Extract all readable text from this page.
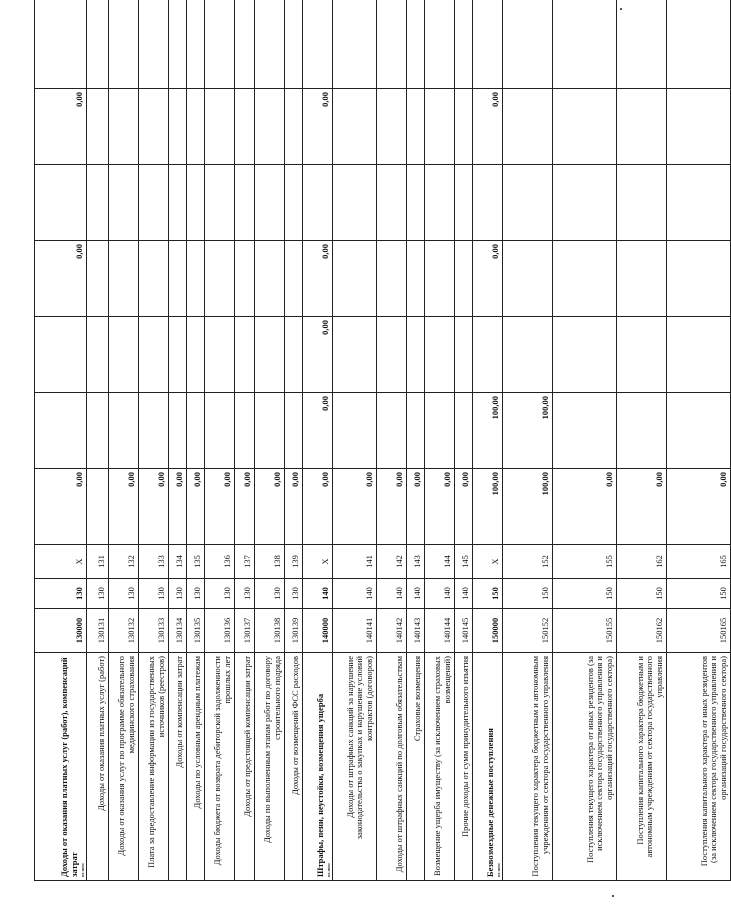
Доходы от оказания платных услуг (работ), компенсаций затрат из них:	130000	130	X	0,00			0,00		0,00	
Доходы от оказания платных услуг (работ)	130131	130	131							
Доходы от оказания услуг по программе обязательного медицинского страхования	130132	130	132	0,00						
Плата за предоставление информации из государственных источников (реестров)	130133	130	133	0,00						
Доходы от компенсации затрат	130134	130	134	0,00						
Доходы по условным арендным платежам	130135	130	135	0,00						
Доходы бюджета от возврата дебиторской задолженности прошлых лет	130136	130	136	0,00						
Доходы от предстоящей компенсации затрат	130137	130	137	0,00						
Доходы по выполненным этапам работ по договору строительного подряда	130138	130	138	0,00						
Доходы от возмещений ФСС расходов	130139	130	139	0,00						
Штрафы, пени, неустойки, возмещения ущерба из них:	140000	140	X	0,00	0,00	0,00	0,00		0,00	
Доходы от штрафных санкций за нарушение законодательства о закупках и нарушение условий контрактов (договоров)	140141	140	141	0,00						
Доходы от штрафных санкций по долговым обязательствам	140142	140	142	0,00						
Страховые возмещения	140143	140	143	0,00						
Возмещение ущерба имуществу (за исключением страховых возмещений)	140144	140	144	0,00						
Прочие доходы от сумм принудительного изъятия	140145	140	145	0,00						
Безвозмездные денежные поступления из них:	150000	150	X	100,00	100,00		0,00		0,00	
Поступления текущего характера бюджетным и автономным учреждениям от сектора государственного управления	150152	150	152	100,00	100,00					
Поступления текущего характера от иных резидентов (за исключением сектора государственного управления и организаций государственного сектора)	150155	150	155	0,00						
Поступления капитального характера бюджетным и автономным учреждениям от сектора государственного управления	150162	150	162	0,00						
Поступления капитального характера от иных резидентов (за исключением сектора государственного управления и организаций государственного сектора)	150165	150	165	0,00						
